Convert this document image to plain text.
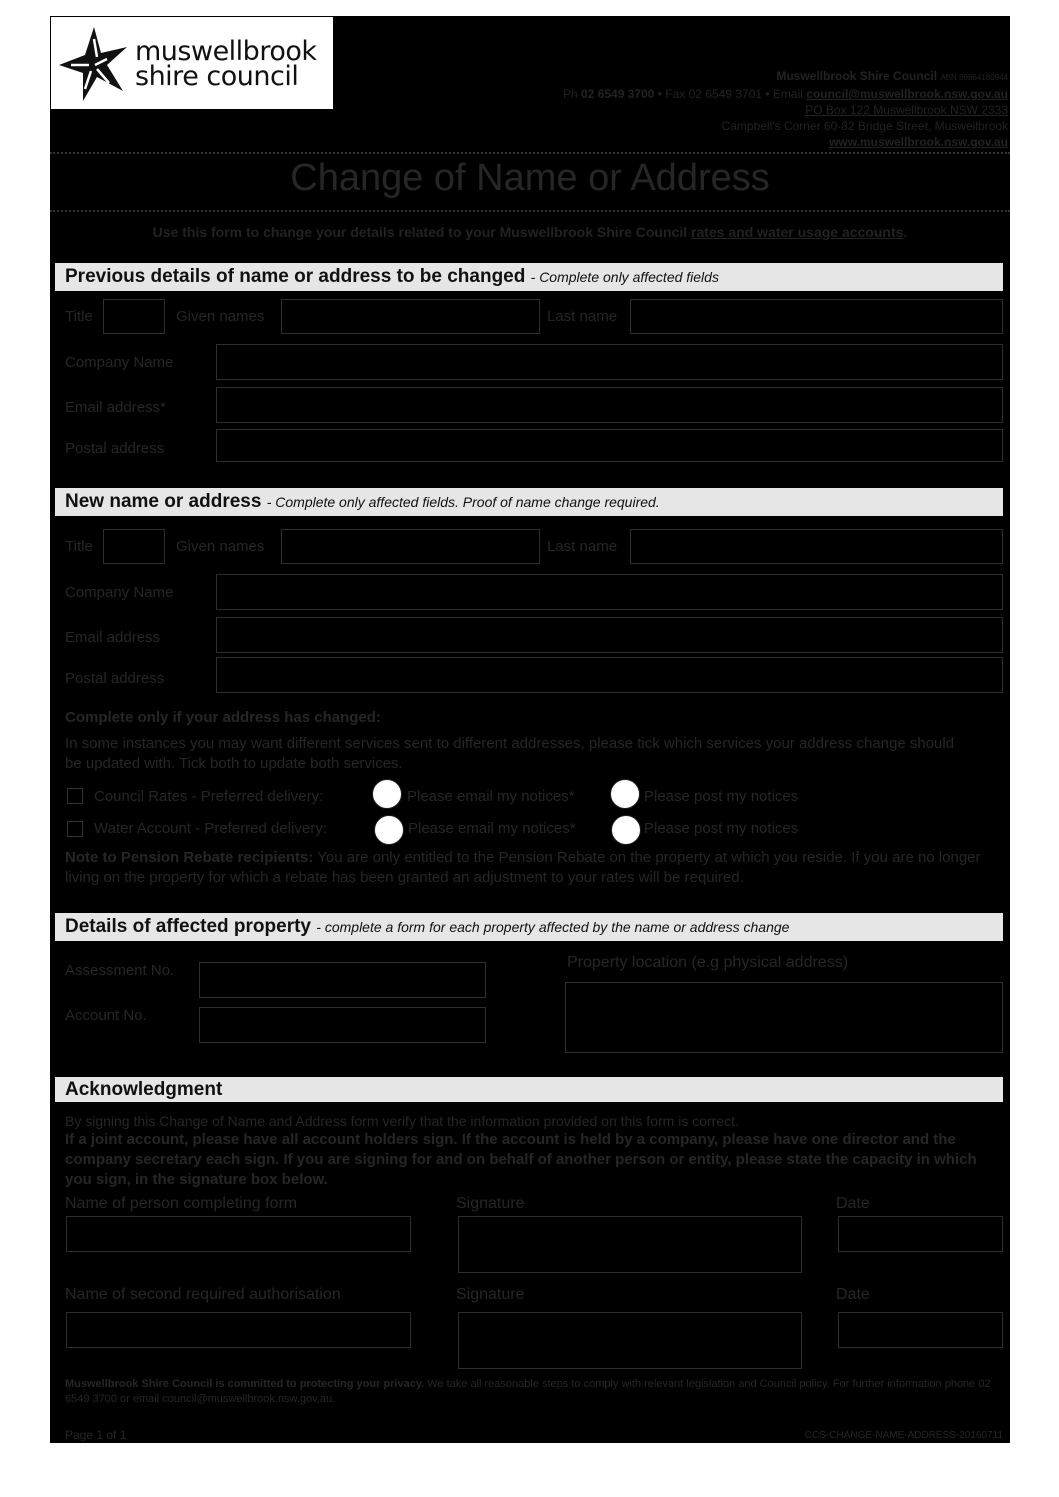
muswellbrook
shire council	Muswellbrook Shire Council ABN 86864180944
Ph 02 6549 3700 • Fax 02 6549 3701 • Email council@muswellbrook.nsw.gov.au
PO Box 122 Muswellbrook NSW 2333
Campbell's Corner 60-82 Bridge Street, Muswellbrook
www.muswellbrook.nsw.gov.au
Change of Name or Address
Use this form to change your details related to your Muswellbrook Shire Council rates and water usage accounts.
Previous details of name or address to be changed - Complete only affected fields
Title	Given names	Last name
Company Name
Email address*
Postal address
New name or address - Complete only affected fields. Proof of name change required.
Title	Given names	Last name
Company Name
Email address
Postal address
Complete only if your address has changed:
In some instances you may want different services sent to different addresses, please tick which services your address change should be updated with. Tick both to update both services.
Council Rates - Preferred delivery:	Please email my notices*	Please post my notices
Water Account - Preferred delivery:	Please email my notices*	Please post my notices
Note to Pension Rebate recipients: You are only entitled to the Pension Rebate on the property at which you reside. If you are no longer living on the property for which a rebate has been granted an adjustment to your rates will be required.
Details of affected property - complete a form for each property affected by the name or address change
Assessment No.
Account No.
Property location (e.g physical address)
Acknowledgment
By signing this Change of Name and Address form verify that the information provided on this form is correct.
If a joint account, please have all account holders sign. If the account is held by a company, please have one director and the company secretary each sign. If you are signing for and on behalf of another person or entity, please state the capacity in which you sign, in the signature box below.
Name of person completing form	Signature	Date
Name of second required authorisation	Signature	Date
Muswellbrook Shire Council is committed to protecting your privacy. We take all reasonable steps to comply with relevant legislation and Council policy. For further information phone 02 6549 3700 or email council@muswellbrook.nsw.gov.au.
Page 1 of 1	CCS-CHANGE-NAME-ADDRESS-20160711
